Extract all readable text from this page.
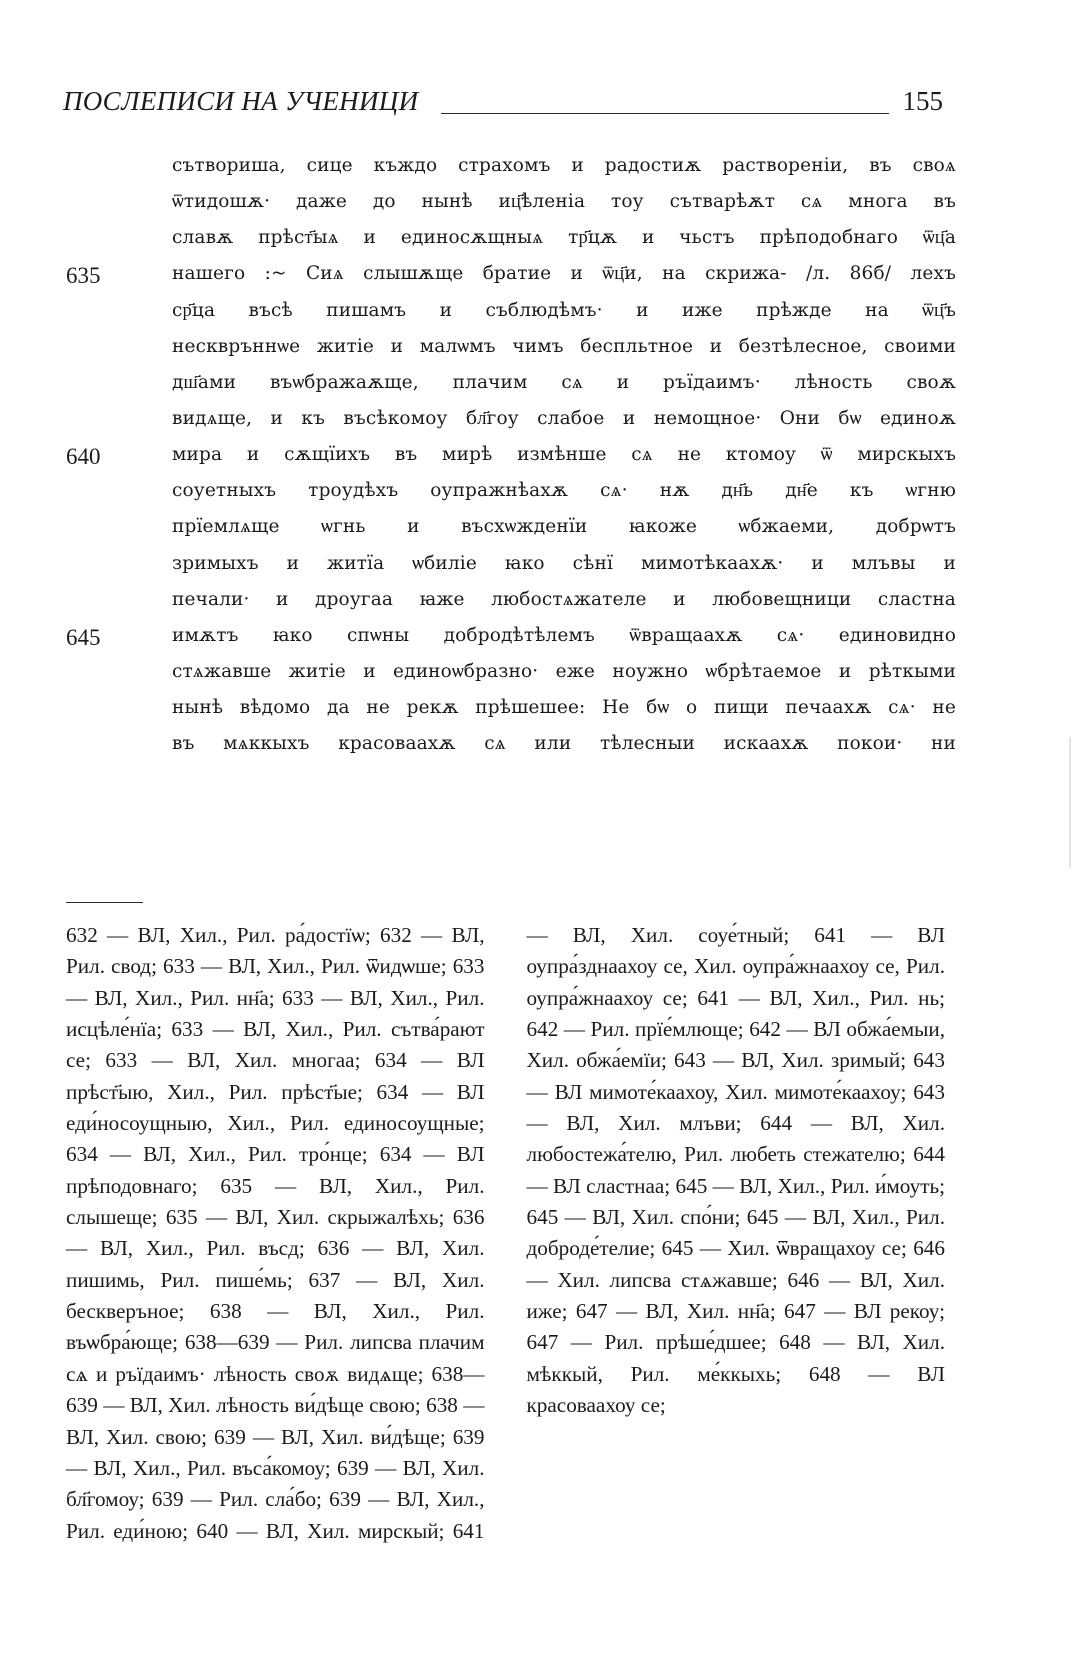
ПОСЛЕПИСИ НА УЧЕНИЦИ	155
сътвориша, сице къждо страхомъ и радостиѫ раствореніи, въ своѧ
ѿтидошѫ· даже до нынѣ иц҃ѣленіа тоу сътварѣѫт сѧ многа въ
славѫ прѣст҃ыѧ и единосѫщныѧ тр҃цѫ и чьстъ прѣподобнаго ѿц҃а
635	нашего :~ Сиѧ слышѫще братие и ѿц҃и, на скрижа- /л. 86б/ лехъ
ср҃ца въсѣ пишамъ и съблюдѣмъ· и иже прѣжде на ѿц҃ъ
несквръннѡе житіе и малѡмъ чимъ беспльтное и безтѣлесное, своими
дш҃ами въѡбражаѫще, плачим сѧ и ръїдаимъ· лѣность своѫ
видѧще, и къ въсѣкомоу бл҃гоу слабое и немощное· Они бѡ единоѫ
640	мира и сѫщїихъ въ мирѣ измѣнше сѧ не ктомоу ѿ мирскыхъ
соуетныхъ троудѣхъ оупражнѣахѫ сѧ· нѫ дн҃ь дн҃е къ ѡгню
прїемлѧще ѡгнь и въсхѡжденїи ꙗкоже ѡбжаеми, добрѡтъ
зримыхъ и житїа ѡбиліе ꙗко сѣнї мимотѣкаахѫ· и млъвы и
печали· и дроугаа ꙗже любостѧжателе и любовещници сластна
645	имѫтъ ꙗко спѡны добродѣтѣлемъ ѿвращаахѫ сѧ· единовидно
стѧжавше житіе и единоѡбразно· еже ноужно ѡбрѣтаемое и рѣткыми
нынѣ вѣдомо да не рекѫ прѣшешее: Не бѡ о пищи печаахѫ сѧ· не
въ мѧккыхъ красоваахѫ сѧ или тѣлесныи искаахѫ покои· ни

632 — ВЛ, Хил., Рил. ра́достїѡ; 632 — ВЛ, Рил. свод; 633 — ВЛ, Хил., Рил. ѿидѡше; 633 — ВЛ, Хил., Рил. нн҃а; 633 — ВЛ, Хил., Рил. исцѣле́нїа; 633 — ВЛ, Хил., Рил. сътва́рают се; 633 — ВЛ, Хил. многаа; 634 — ВЛ прѣст҃ыю, Хил., Рил. прѣст҃ые; 634 — ВЛ еди́носоущныю, Хил., Рил. единосоущные; 634 — ВЛ, Хил., Рил. тро́нце; 634 — ВЛ прѣподовнаго; 635 — ВЛ, Хил., Рил. слышеще; 635 — ВЛ, Хил. скрыжалѣхь; 636 — ВЛ, Хил., Рил. въсд; 636 — ВЛ, Хил. пишимь, Рил. пише́мь; 637 — ВЛ, Хил. бескверъное; 638 — ВЛ, Хил., Рил. въѡбра́юще; 638—639 — Рил. липсва плачим сѧ и ръїдаимъ· лѣность своѫ видѧще; 638—639 — ВЛ, Хил. лѣность ви́дѣще свою; 638 — ВЛ, Хил. свою; 639 — ВЛ, Хил. ви́дѣще; 639 — ВЛ, Хил., Рил. въса́комоу; 639 — ВЛ, Хил. бл҃гомоу; 639 — Рил. сла́бо; 639 — ВЛ, Хил., Рил. еди́ною; 640 — ВЛ, Хил. мирскый; 641 — ВЛ, Хил. соуе́тный; 641 — ВЛ оупра́зднаахоу се, Хил. оупра́жнаахоу се, Рил. оупра́жнаахоу се; 641 — ВЛ, Хил., Рил. нь; 642 — Рил. прїе́млюще; 642 — ВЛ обжа́емыи, Хил. обжа́емїи; 643 — ВЛ, Хил. зримый; 643 — ВЛ мимоте́каахоу, Хил. мимоте́каахоу; 643 — ВЛ, Хил. млъви; 644 — ВЛ, Хил. любостежа́телю, Рил. любеть стежателю; 644 — ВЛ сластнаа; 645 — ВЛ, Хил., Рил. и́моуть; 645 — ВЛ, Хил. спо́ни; 645 — ВЛ, Хил., Рил. доброде́телие; 645 — Хил. ѿвращахоу се; 646 — Хил. липсва стѧжавше; 646 — ВЛ, Хил. иже; 647 — ВЛ, Хил. нн҃а; 647 — ВЛ рекоу; 647 — Рил. прѣше́дшее; 648 — ВЛ, Хил. мѣккый, Рил. ме́ккыхь; 648 — ВЛ красоваахоу се;
